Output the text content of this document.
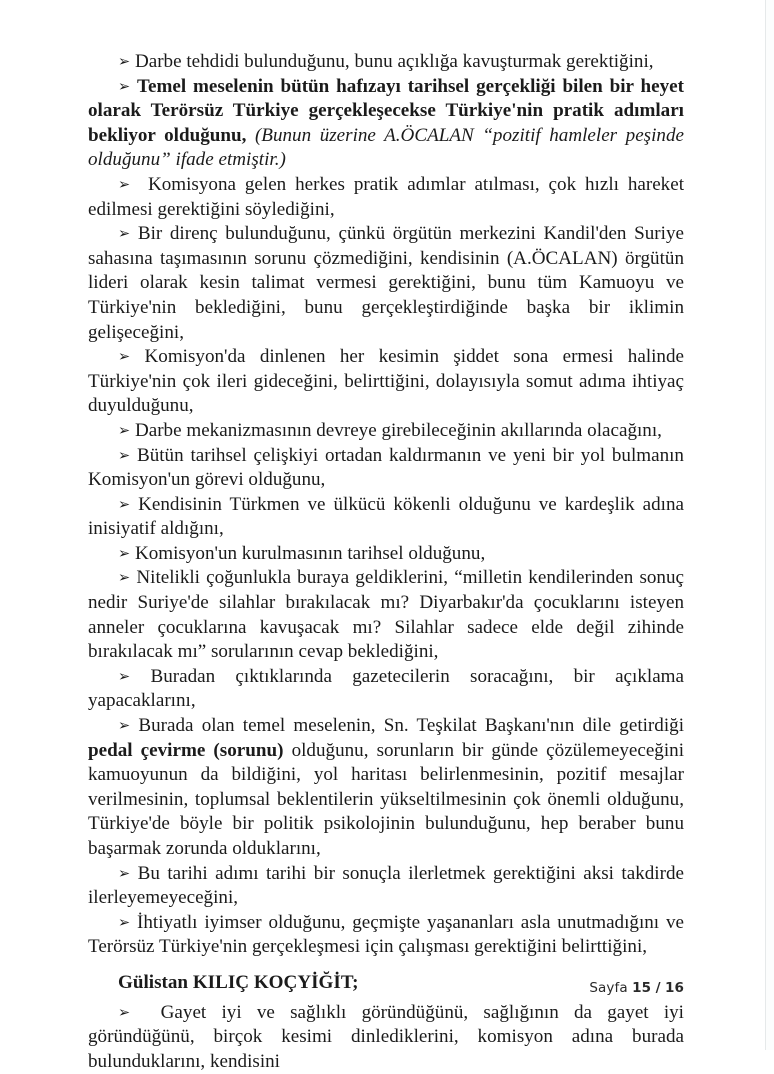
➢ Darbe tehdidi bulunduğunu, bunu açıklığa kavuşturmak gerektiğini,

➢ Temel meselenin bütün hafızayı tarihsel gerçekliği bilen bir heyet olarak Terörsüz Türkiye gerçekleşecekse Türkiye'nin pratik adımları bekliyor olduğunu, (Bunun üzerine A.ÖCALAN “pozitif hamleler peşinde olduğunu” ifade etmiştir.)

➢ Komisyona gelen herkes pratik adımlar atılması, çok hızlı hareket edilmesi gerektiğini söylediğini,

➢ Bir direnç bulunduğunu, çünkü örgütün merkezini Kandil'den Suriye sahasına taşımasının sorunu çözmediğini, kendisinin (A.ÖCALAN) örgütün lideri olarak kesin talimat vermesi gerektiğini, bunu tüm Kamuoyu ve Türkiye'nin beklediğini, bunu gerçekleştirdiğinde başka bir iklimin gelişeceğini,

➢ Komisyon'da dinlenen her kesimin şiddet sona ermesi halinde Türkiye'nin çok ileri gideceğini, belirttiğini, dolayısıyla somut adıma ihtiyaç duyulduğunu,

➢ Darbe mekanizmasının devreye girebileceğinin akıllarında olacağını,

➢ Bütün tarihsel çelişkiyi ortadan kaldırmanın ve yeni bir yol bulmanın Komisyon'un görevi olduğunu,

➢ Kendisinin Türkmen ve ülkücü kökenli olduğunu ve kardeşlik adına inisiyatif aldığını,

➢ Komisyon'un kurulmasının tarihsel olduğunu,

➢ Nitelikli çoğunlukla buraya geldiklerini, “milletin kendilerinden sonuç nedir Suriye'de silahlar bırakılacak mı? Diyarbakır'da çocuklarını isteyen anneler çocuklarına kavuşacak mı? Silahlar sadece elde değil zihinde bırakılacak mı” sorularının cevap beklediğini,

➢ Buradan çıktıklarında gazetecilerin soracağını, bir açıklama yapacaklarını,

➢ Burada olan temel meselenin, Sn. Teşkilat Başkanı'nın dile getirdiği pedal çevirme (sorunu) olduğunu, sorunların bir günde çözülemeyeceğini kamuoyunun da bildiğini, yol haritası belirlenmesinin, pozitif mesajlar verilmesinin, toplumsal beklentilerin yükseltilmesinin çok önemli olduğunu, Türkiye'de böyle bir politik psikolojinin bulunduğunu, hep beraber bunu başarmak zorunda olduklarını,

➢ Bu tarihi adımı tarihi bir sonuçla ilerletmek gerektiğini aksi takdirde ilerleyemeyeceğini,

➢ İhtiyatlı iyimser olduğunu, geçmişte yaşananları asla unutmadığını ve Terörsüz Türkiye'nin gerçekleşmesi için çalışması gerektiğini belirttiğini,

Gülistan KILIÇ KOÇYİĞİT;

➢ Gayet iyi ve sağlıklı göründüğünü, sağlığının da gayet iyi göründüğünü, birçok kesimi dinlediklerini, komisyon adına burada bulunduklarını, kendisini

Sayfa 15 / 16
